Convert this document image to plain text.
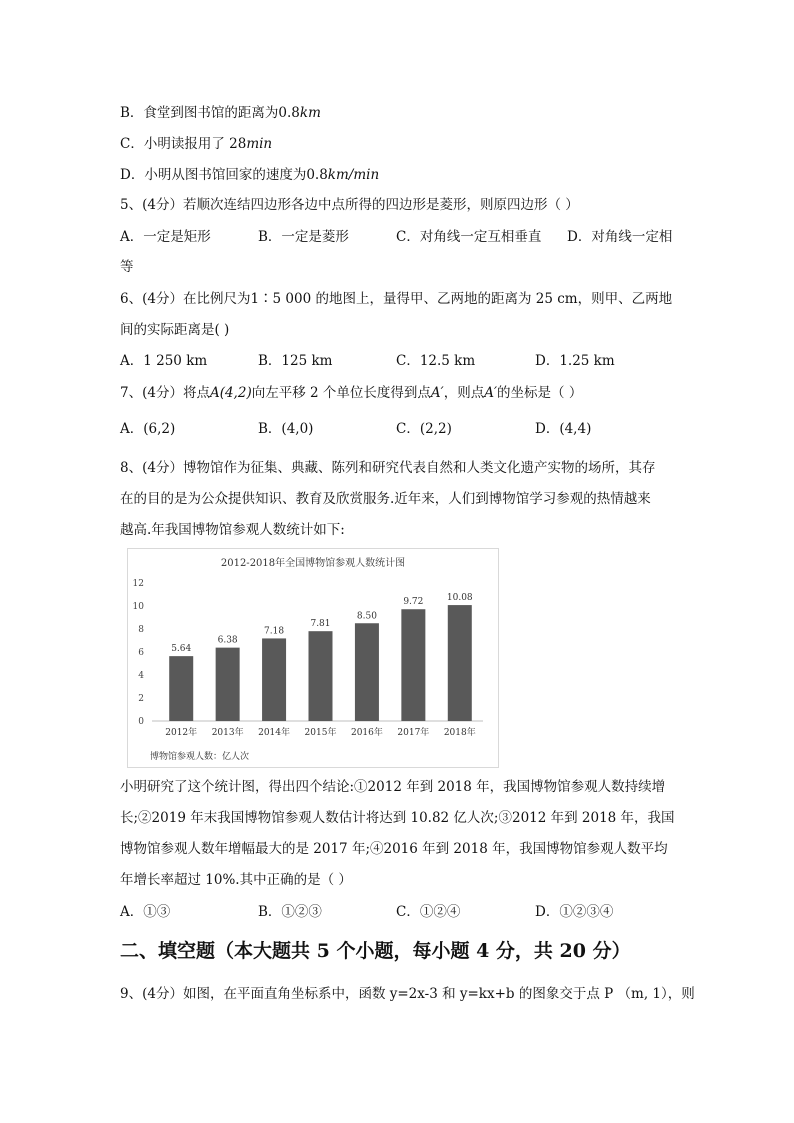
B．食堂到图书馆的距离为0.8km
C．小明读报用了 28min
D．小明从图书馆回家的速度为0.8km/min
5、(4分）若顺次连结四边形各边中点所得的四边形是菱形，则原四边形（ ）
A．一定是矩形	B．一定是菱形	C．对角线一定互相垂直 D．对角线一定相
等
6、(4分）在比例尺为1∶5 000 的地图上，量得甲、乙两地的距离为 25 cm，则甲、乙两地
间的实际距离是( )
A．1 250 km	B．125 km	C．12.5 km	D．1.25 km
7、(4分）将点A(4,2)向左平移 2 个单位长度得到点A′，则点A′的坐标是（ ）
A．(6,2)	B．(4,0)	C．(2,2)	D．(4,4)
8、(4分）博物馆作为征集、典藏、陈列和研究代表自然和人类文化遗产实物的场所，其存
在的目的是为公众提供知识、教育及欣赏服务.近年来，人们到博物馆学习参观的热情越来
越高.年我国博物馆参观人数统计如下:
2012-2018年全国博物馆参观人数统计图
0
2
4
6
8
10
12
5.64
6.38
7.18
7.81
8.50
9.72	10.08
2012年 2013年 2014年 2015年 2016年 2017年 2018年
博物馆参观人数：亿人次
小明研究了这个统计图，得出四个结论:①2012 年到 2018 年，我国博物馆参观人数持续增
长;②2019 年末我国博物馆参观人数估计将达到 10.82 亿人次;③2012 年到 2018 年，我国
博物馆参观人数年增幅最大的是 2017 年;④2016 年到 2018 年，我国博物馆参观人数平均
年增长率超过 10%.其中正确的是（ ）
A．①③	B．①②③	C．①②④	D．①②③④
二、填空题（本大题共 5 个小题，每小题 4 分，共 20 分）
9、(4分）如图，在平面直角坐标系中，函数 y=2x-3 和 y=kx+b 的图象交于点 P （m, 1），则
